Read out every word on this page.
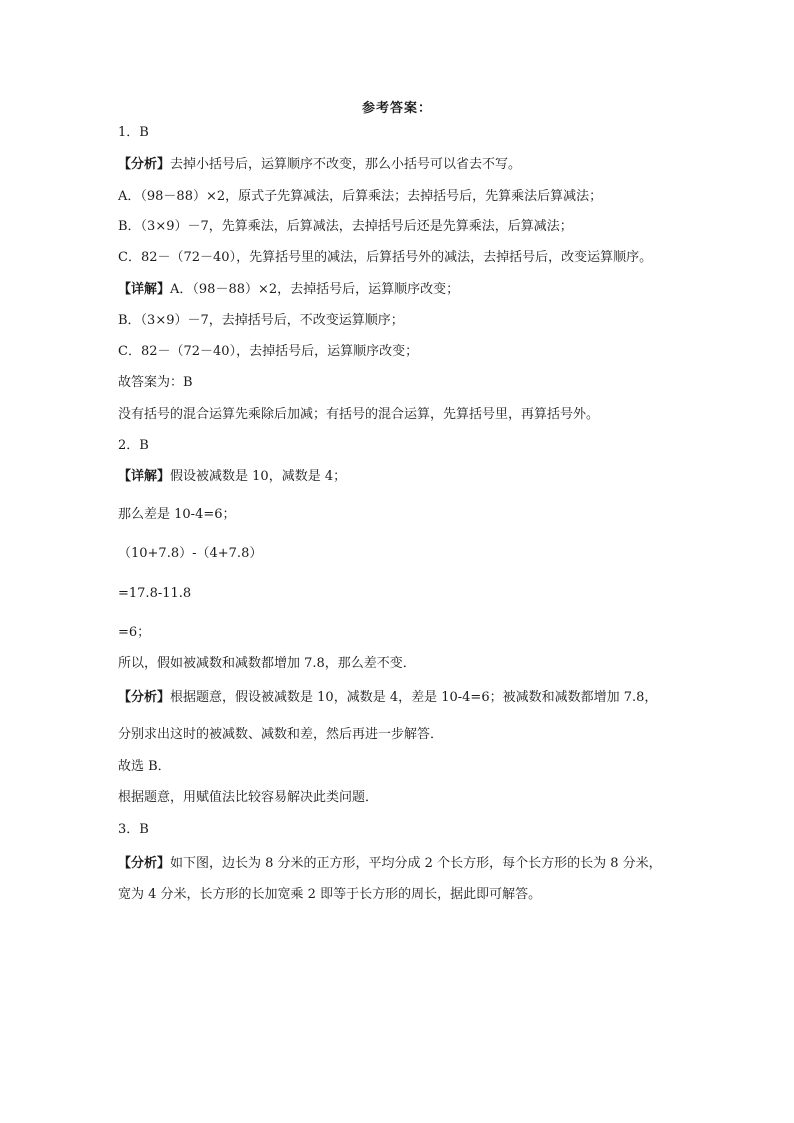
参考答案：
1．B
【分析】去掉小括号后，运算顺序不改变，那么小括号可以省去不写。
A．（98－88）×2，原式子先算减法，后算乘法；去掉括号后，先算乘法后算减法；
B．（3×9）－7，先算乘法，后算减法，去掉括号后还是先算乘法，后算减法；
C．82－（72－40），先算括号里的减法，后算括号外的减法，去掉括号后，改变运算顺序。
【详解】A．（98－88）×2，去掉括号后，运算顺序改变；
B．（3×9）－7，去掉括号后，不改变运算顺序；
C．82－（72－40），去掉括号后，运算顺序改变；
故答案为：B
没有括号的混合运算先乘除后加减；有括号的混合运算，先算括号里，再算括号外。
2．B
【详解】假设被减数是 10，减数是 4；
那么差是 10-4=6；
（10+7.8）-（4+7.8）
=17.8-11.8
=6；
所以，假如被减数和减数都增加 7.8，那么差不变．
【分析】根据题意，假设被减数是 10，减数是 4，差是 10-4=6；被减数和减数都增加 7.8，
分别求出这时的被减数、减数和差，然后再进一步解答．
故选 B．
根据题意，用赋值法比较容易解决此类问题．
3．B
【分析】如下图，边长为 8 分米的正方形，平均分成 2 个长方形，每个长方形的长为 8 分米，
宽为 4 分米，长方形的长加宽乘 2 即等于长方形的周长，据此即可解答。
